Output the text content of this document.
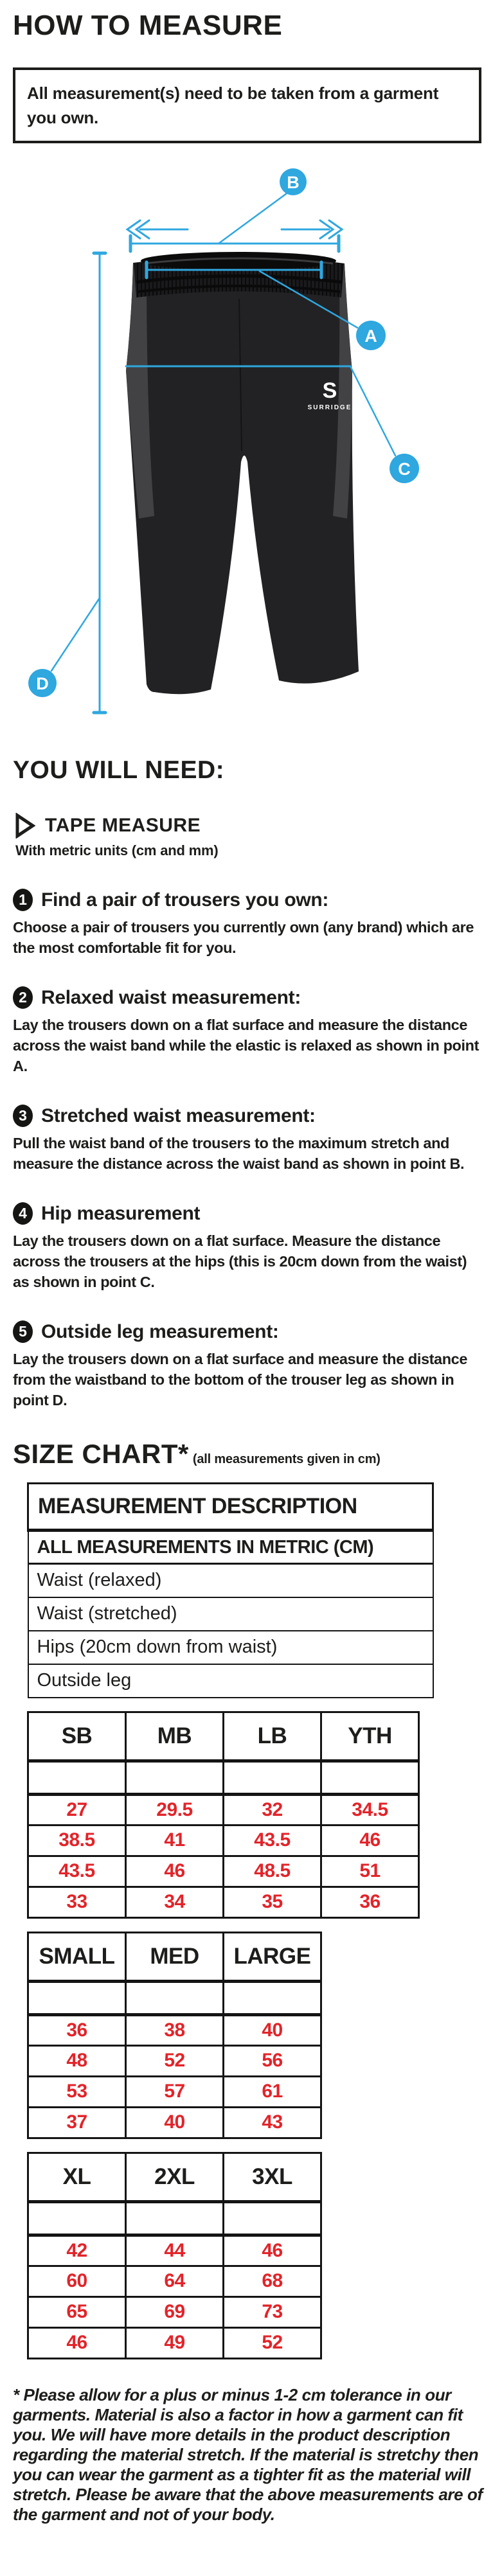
HOW TO MEASURE

All measurement(s) need to be taken from a garment you own.

S
SURRIDGE
B
A
C
D
YOU WILL NEED:
TAPE MEASURE

With metric units (cm and mm)

1 Find a pair of trousers you own:

Choose a pair of trousers you currently own (any brand) which are the most comfortable fit for you.

2 Relaxed waist measurement:

Lay the trousers down on a flat surface and measure the distance across the waist band while the elastic is relaxed as shown in point A.

3 Stretched waist measurement:

Pull the waist band of the trousers to the maximum stretch and measure the distance across the waist band as shown in point B.

4 Hip measurement

Lay the trousers down on a flat surface. Measure the distance across the trousers at the hips (this is 20cm down from the waist) as shown in point C.

5 Outside leg measurement:

Lay the trousers down on a flat surface and measure the distance from the waistband to the bottom of the trouser leg as shown in point D.

SIZE CHART* (all measurements given in cm)
MEASUREMENT DESCRIPTION
ALL MEASUREMENTS IN METRIC (CM)
Waist (relaxed)
Waist (stretched)
Hips (20cm down from waist)
Outside leg
SB	MB	LB	YTH

27	29.5	32	34.5
38.5	41	43.5	46
43.5	46	48.5	51
33	34	35	36
SMALL	MED	LARGE

36	38	40
48	52	56
53	57	61
37	40	43
XL	2XL	3XL

42	44	46
60	64	68
65	69	73
46	49	52

* Please allow for a plus or minus 1-2 cm tolerance in our garments. Material is also a factor in how a garment can fit you. We will have more details in the product description regarding the material stretch. If the material is stretchy then you can wear the garment as a tighter fit as the material will stretch. Please be aware that the above measurements are of the garment and not of your body.
